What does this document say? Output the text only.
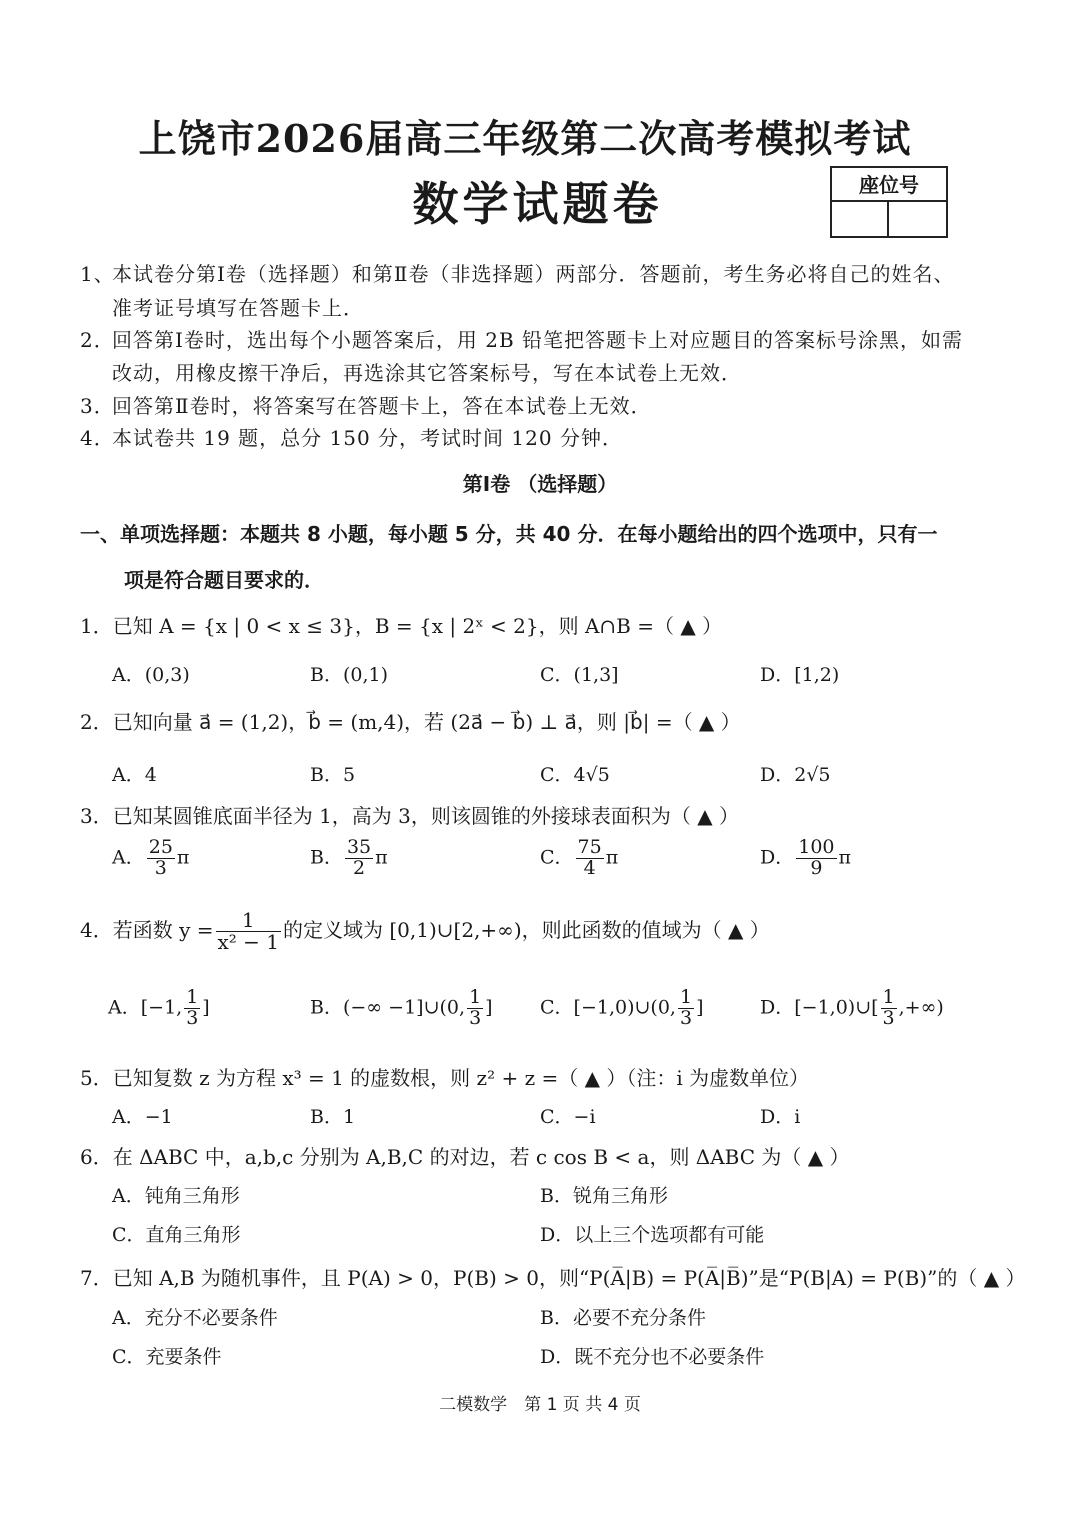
上饶市2026届高三年级第二次高考模拟考试
数学试题卷	座位号
1、本试卷分第Ⅰ卷（选择题）和第Ⅱ卷（非选择题）两部分．答题前，考生务必将自己的姓名、
准考证号填写在答题卡上．
2．回答第Ⅰ卷时，选出每个小题答案后，用 2B 铅笔把答题卡上对应题目的答案标号涂黑，如需
改动，用橡皮擦干净后，再选涂其它答案标号，写在本试卷上无效．
3．回答第Ⅱ卷时，将答案写在答题卡上，答在本试卷上无效．
4．本试卷共 19 题，总分 150 分，考试时间 120 分钟．
第Ⅰ卷 （选择题）
一、单项选择题：本题共 8 小题，每小题 5 分，共 40 分．在每小题给出的四个选项中，只有一
项是符合题目要求的．
1．已知 A = {x | 0 < x ≤ 3}，B = {x | 2ˣ < 2}，则 A∩B =（ ▲ ）
A．(0,3)	B．(0,1)	C．(1,3]	D．[1,2)
2．已知向量 a⃗ = (1,2)，b⃗ = (m,4)，若 (2a⃗ − b⃗) ⊥ a⃗，则 |b⃗| =（ ▲ ）
A．4	B．5	C．4√5	D．2√5
3．已知某圆锥底面半径为 1，高为 3，则该圆锥的外接球表面积为（ ▲ ）
A． $\frac{25}{3}$ π	B． $\frac{35}{2}$ π	C． $\frac{75}{4}$ π	D． $\frac{100}{9}$ π
4．若函数 $y = \frac{1}{\text{x² − 1}}$ 的定义域为 [0,1)∪[2,+∞)，则此函数的值域为（ ▲ ）
A．[−1, $\frac{1}{3}$ ]	B．(−∞ −1]∪(0, $\frac{1}{3}$ ] C．[−1,0)∪(0, $\frac{1}{3}$ ]	D．[−1,0)∪[ $\frac{1}{3}$ ,+∞)
5．已知复数 z 为方程 x³ = 1 的虚数根，则 z² + z =（ ▲ ）（注：i 为虚数单位）
A．−1	B．1	C．−i	D．i
6．在 ΔABC 中，a,b,c 分别为 A,B,C 的对边，若 c cos B < a，则 ΔABC 为（ ▲ ）
A．钝角三角形	B．锐角三角形
C．直角三角形	D．以上三个选项都有可能
7．已知 A,B 为随机事件，且 P(A) > 0，P(B) > 0，则“P(A̅|B) = P(A̅|B̅)”是“P(B|A) = P(B)”的（ ▲ ）
A．充分不必要条件	B．必要不充分条件
C．充要条件	D．既不充分也不必要条件
二模数学　第 1 页 共 4 页
